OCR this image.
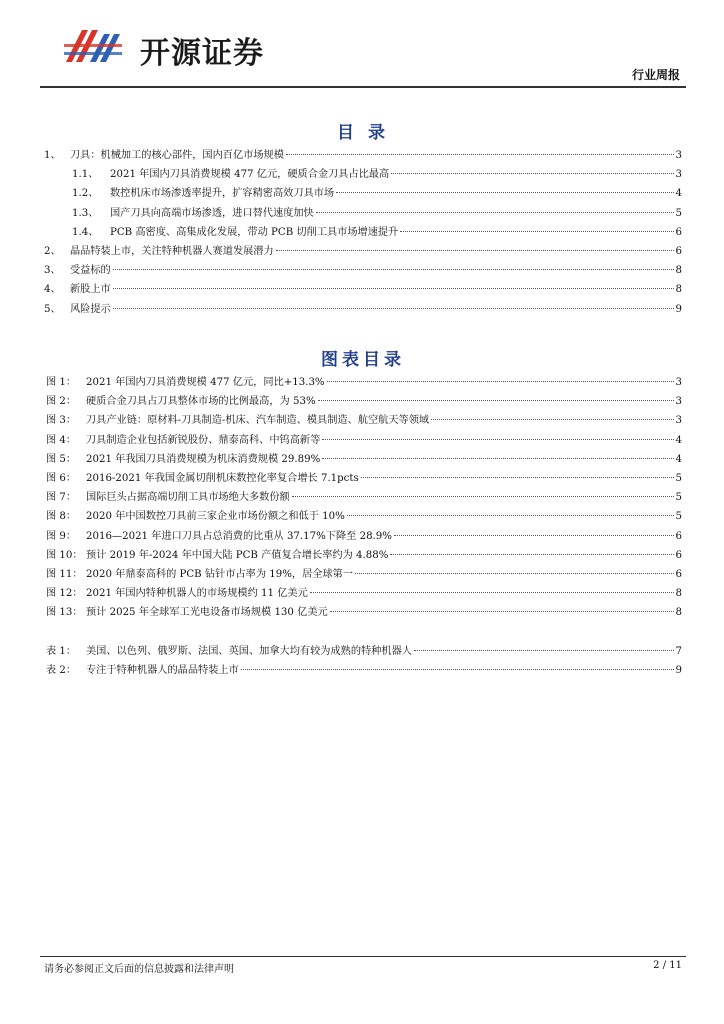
开源证券
行业周报
目 录
1、 刀具：机械加工的核心部件，国内百亿市场规模	3
1.1、	2021 年国内刀具消费规模 477 亿元，硬质合金刀具占比最高	3
1.2、	数控机床市场渗透率提升，扩容精密高效刀具市场	4
1.3、	国产刀具向高端市场渗透，进口替代速度加快	5
1.4、	PCB 高密度、高集成化发展，带动 PCB 切削工具市场增速提升	6
2、 晶品特装上市，关注特种机器人赛道发展潜力	6
3、 受益标的	8
4、 新股上市	8
5、 风险提示	9
图表目录
图 1： 2021 年国内刀具消费规模 477 亿元，同比+13.3%	3
图 2： 硬质合金刀具占刀具整体市场的比例最高，为 53%	3
图 3： 刀具产业链：原材料-刀具制造-机床、汽车制造、模具制造、航空航天等领域	3
图 4： 刀具制造企业包括新锐股份、鼎泰高科、中钨高新等	4
图 5： 2021 年我国刀具消费规模为机床消费规模 29.89%	4
图 6： 2016-2021 年我国金属切削机床数控化率复合增长 7.1pcts	5
图 7： 国际巨头占据高端切削工具市场绝大多数份额	5
图 8： 2020 年中国数控刀具前三家企业市场份额之和低于 10%	5
图 9： 2016—2021 年进口刀具占总消费的比重从 37.17%下降至 28.9%	6
图 10： 预计 2019 年-2024 年中国大陆 PCB 产值复合增长率约为 4.88%	6
图 11： 2020 年鼎泰高科的 PCB 钻针市占率为 19%，居全球第一	6
图 12： 2021 年国内特种机器人的市场规模约 11 亿美元	8
图 13： 预计 2025 年全球军工光电设备市场规模 130 亿美元	8
表 1： 美国、以色列、俄罗斯、法国、英国、加拿大均有较为成熟的特种机器人	7
表 2： 专注于特种机器人的晶品特装上市	9
请务必参阅正文后面的信息披露和法律声明	2 / 11
